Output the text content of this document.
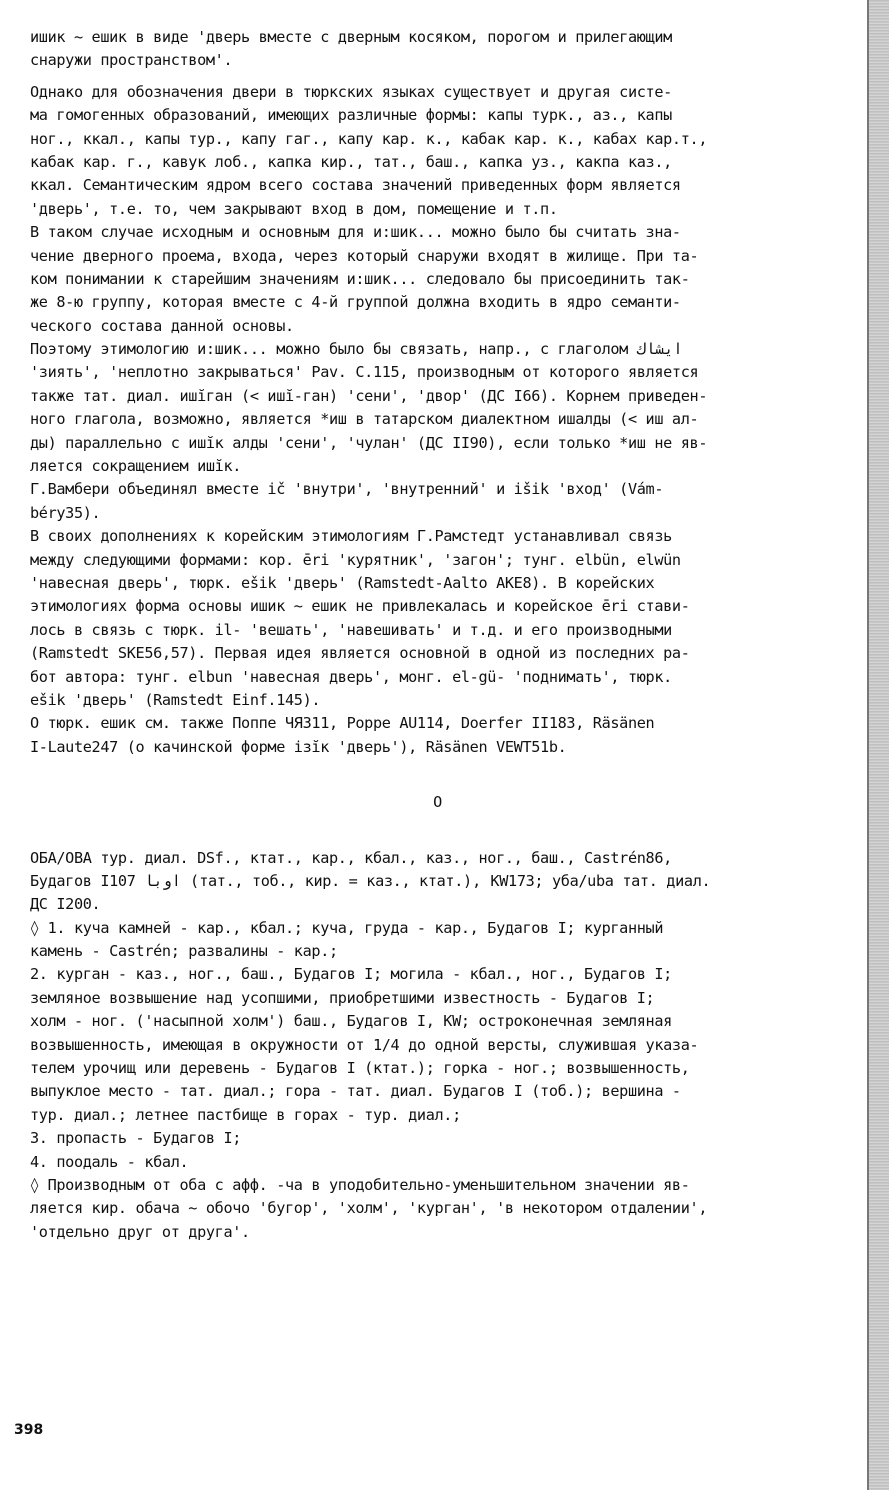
ишик ~ ешик в виде 'дверь вместе с дверным косяком, порогом и прилегающим
снаружи пространством'.
Однако для обозначения двери в тюркских языках существует и другая систе-
ма гомогенных образований, имеющих различные формы: капы турк., аз., капы
ног., ккал., капы тур., капу гаг., капу кар. к., кабак кар. к., кабах кар.т.,
кабак кар. г., кавук лоб., капка кир., тат., баш., капка уз., какпа каз.,
ккал. Семантическим ядром всего состава значений приведенных форм является
'дверь', т.е. то, чем закрывают вход в дом, помещение и т.п.
В таком случае исходным и основным для и:шик... можно было бы считать зна-
чение дверного проема, входа, через который снаружи входят в жилище. При та-
ком понимании к старейшим значениям и:шик... следовало бы присоединить так-
же 8-ю группу, которая вместе с 4-й группой должна входить в ядро семанти-
ческого состава данной основы.
Поэтому этимологию и:шик... можно было бы связать, напр., с глаголом ايشاك
'зиять', 'неплотно закрываться' Pav. C.115, производным от которого является
также тат. диал. ишĭган (< ишĭ-ган) 'сени', 'двор' (ДС I66). Корнем приведен-
ного глагола, возможно, является *иш в татарском диалектном ишалды (< иш ал-
ды) параллельно с ишĭк алды 'сени', 'чулан' (ДС II90), если только *иш не яв-
ляется сокращением ишĭк.
Г.Вамбери объединял вместе ič 'внутри', 'внутренний' и išik 'вход' (Vám-
béry35).
В своих дополнениях к корейским этимологиям Г.Рамстедт устанавливал связь
между следующими формами: кор. ēri 'курятник', 'загон'; тунг. elbün, elwün
'навесная дверь', тюрк. ešik 'дверь' (Ramstedt-Aalto AKE8). В корейских
этимологиях форма основы ишик ~ ешик не привлекалась и корейское ēri стави-
лось в связь с тюрк. il- 'вешать', 'навешивать' и т.д. и его производными
(Ramstedt SKE56,57). Первая идея является основной в одной из последних ра-
бот автора: тунг. elbun 'навесная дверь', монг. el-gü- 'поднимать', тюрк.
ešik 'дверь' (Ramstedt Einf.145).
О тюрк. ешик см. также Поппе ЧЯ311, Poppe AU114, Doerfer II183, Räsänen
I-Laute247 (о качинской форме ізĭк 'дверь'), Räsänen VEWT51b.
О
ОБА/ОВА тур. диал. DSf., ктат., кар., кбал., каз., ног., баш., Castrén86,
Будагов I107 اوبا (тат., тоб., кир. = каз., ктат.), KW173; уба/uba тат. диал.
ДС I200.
◊ 1. куча камней - кар., кбал.; куча, груда - кар., Будагов I; курганный
камень - Castrén; развалины - кар.;
2. курган - каз., ног., баш., Будагов I; могила - кбал., ног., Будагов I;
земляное возвышение над усопшими, приобретшими известность - Будагов I;
холм - ног. ('насыпной холм') баш., Будагов I, KW; остроконечная земляная
возвышенность, имеющая в окружности от 1/4 до одной версты, служившая указа-
телем урочищ или деревень - Будагов I (ктат.); горка - ног.; возвышенность,
выпуклое место - тат. диал.; гора - тат. диал. Будагов I (тоб.); вершина -
тур. диал.; летнее пастбище в горах - тур. диал.;
3. пропасть - Будагов I;
4. поодаль - кбал.
◊ Производным от оба с афф. -ча в уподобительно-уменьшительном значении яв-
ляется кир. обача ~ обочо 'бугор', 'холм', 'курган', 'в некотором отдалении',
'отдельно друг от друга'.
398
